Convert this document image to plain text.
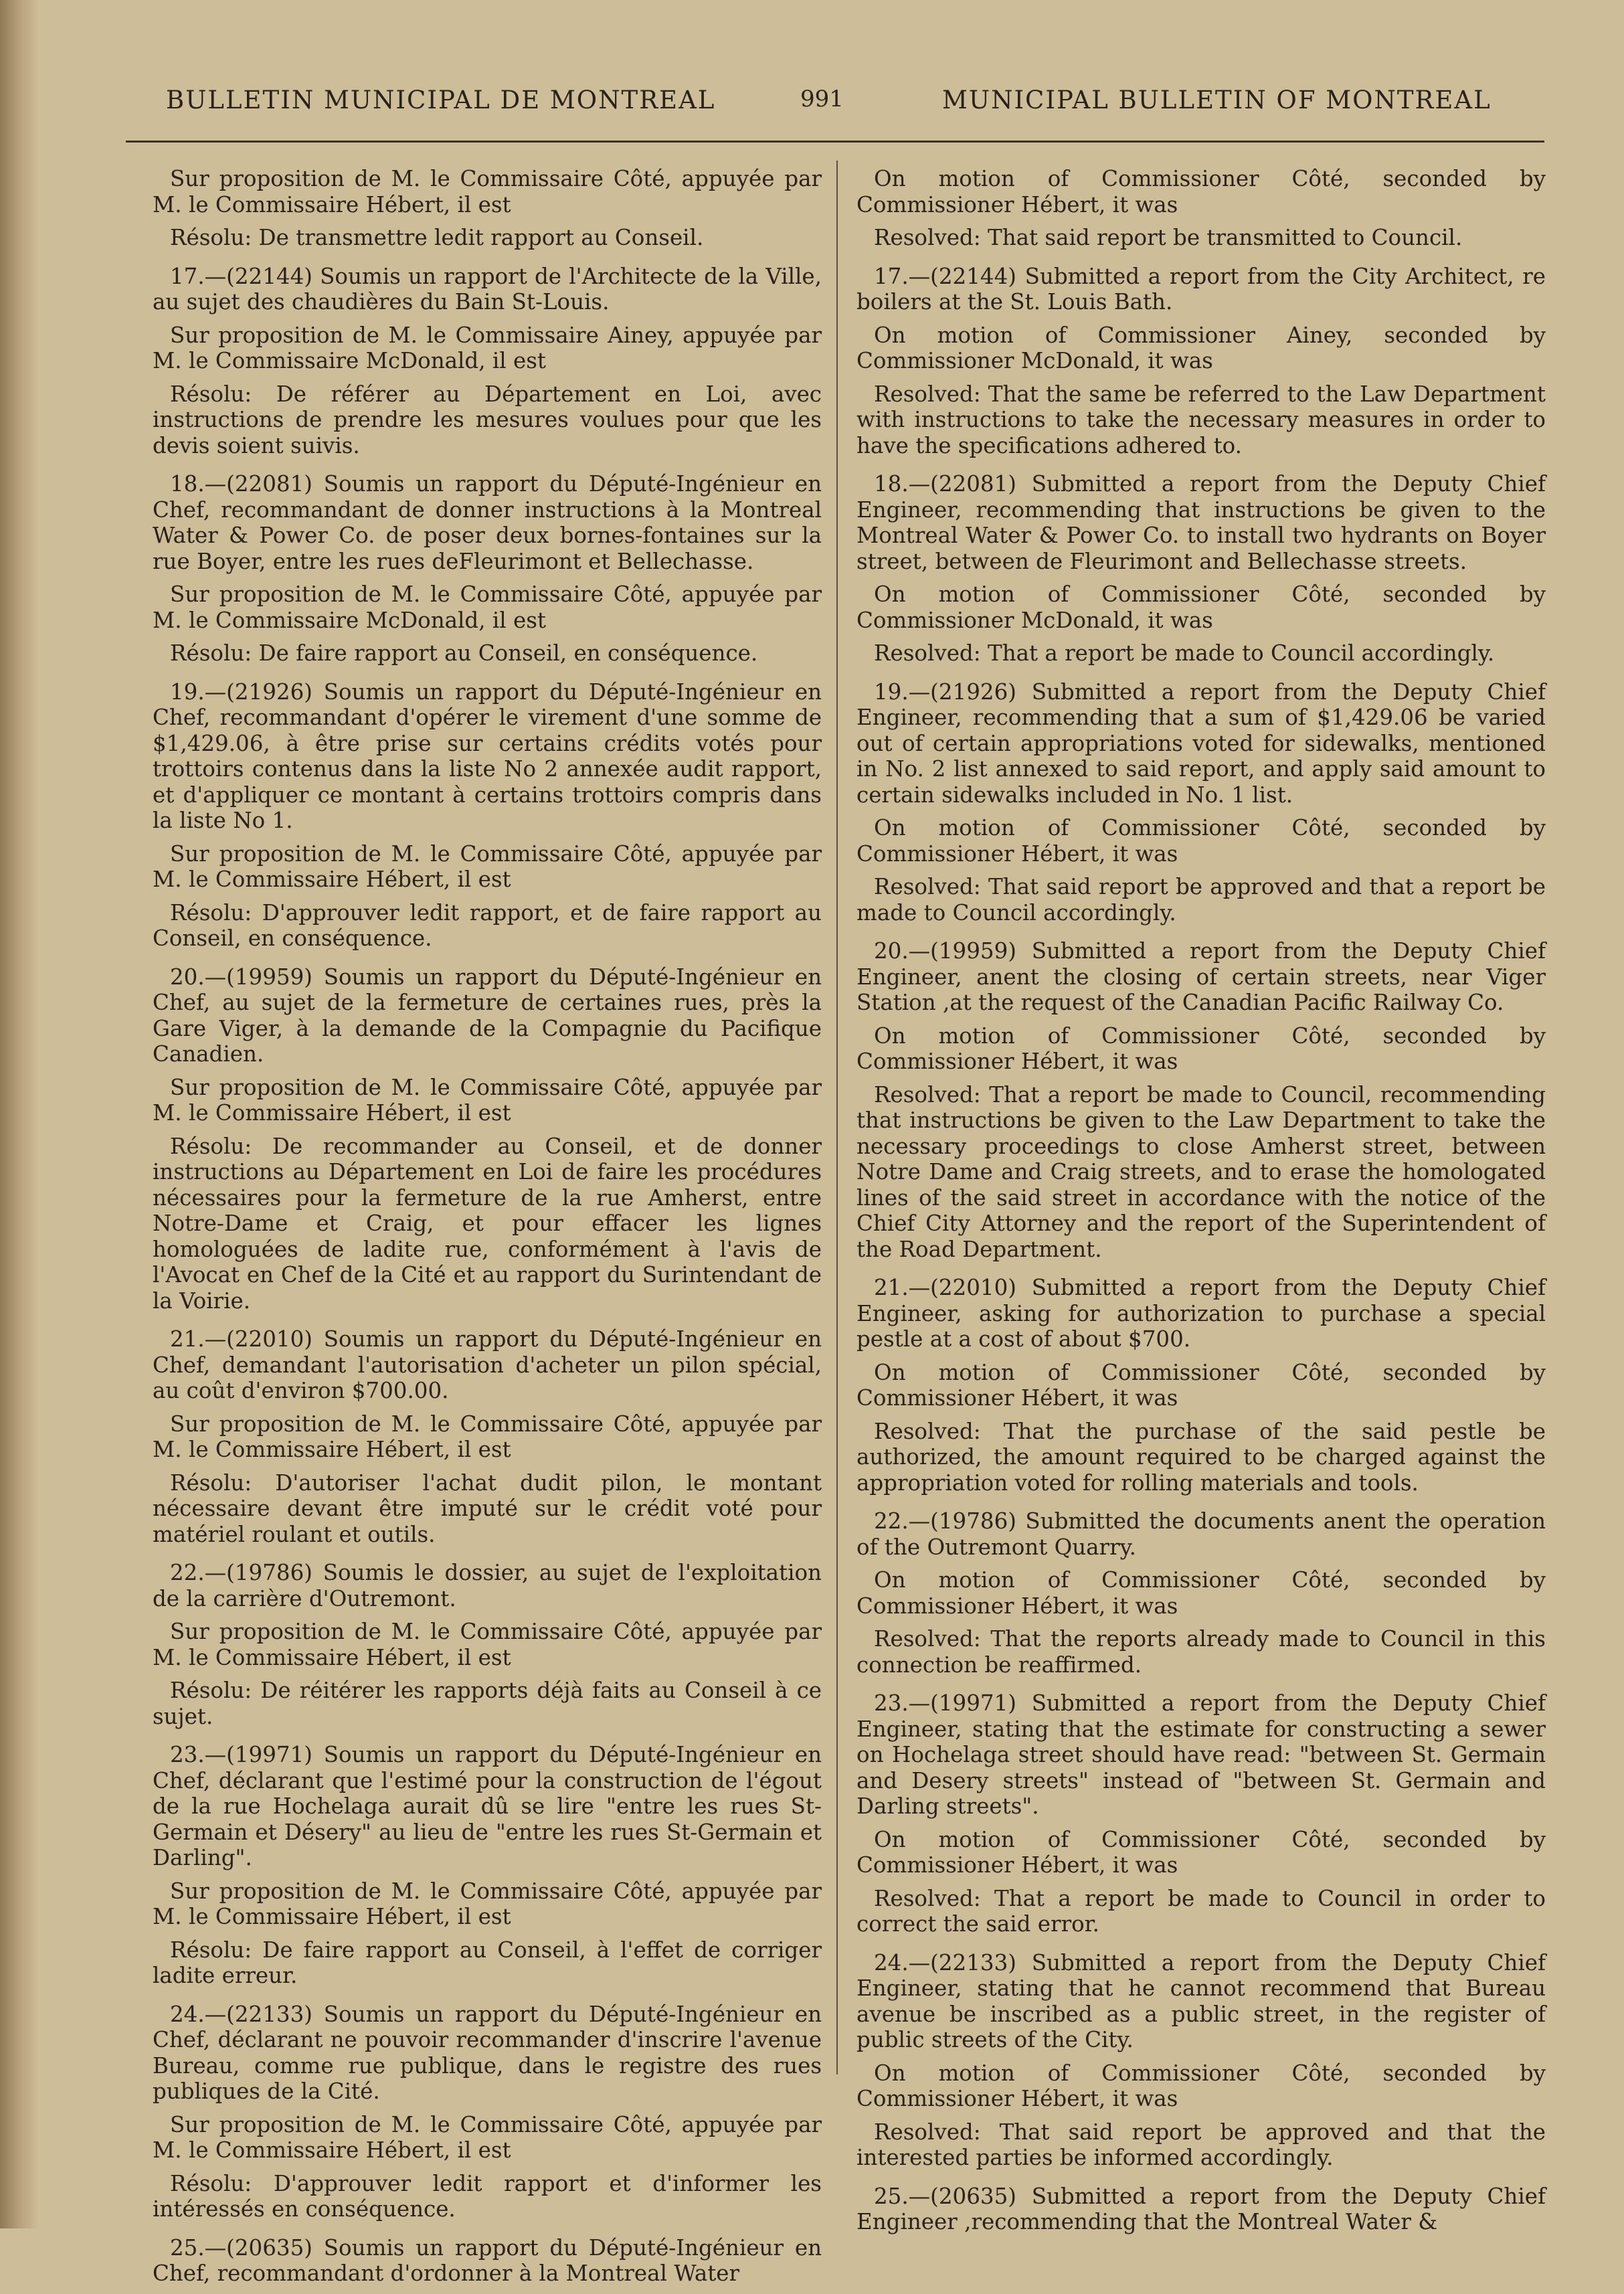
BULLETIN MUNICIPAL DE MONTREAL	991	MUNICIPAL BULLETIN OF MONTREAL

Sur proposition de M. le Commissaire Côté, appuyée par M. le Commissaire Hébert, il est

Résolu: De transmettre ledit rapport au Conseil.

17.—(22144) Soumis un rapport de l'Architecte de la Ville, au sujet des chaudières du Bain St-Louis.

Sur proposition de M. le Commissaire Ainey, appuyée par M. le Commissaire McDonald, il est

Résolu: De référer au Département en Loi, avec instructions de prendre les mesures voulues pour que les devis soient suivis.

18.—(22081) Soumis un rapport du Député-Ingénieur en Chef, recommandant de donner instructions à la Montreal Water & Power Co. de poser deux bornes-fontaines sur la rue Boyer, entre les rues deFleurimont et Bellechasse.

Sur proposition de M. le Commissaire Côté, appuyée par M. le Commissaire McDonald, il est

Résolu: De faire rapport au Conseil, en conséquence.

19.—(21926) Soumis un rapport du Député-Ingénieur en Chef, recommandant d'opérer le virement d'une somme de $1,429.06, à être prise sur certains crédits votés pour trottoirs contenus dans la liste No 2 annexée audit rapport, et d'appliquer ce montant à certains trottoirs compris dans la liste No 1.

Sur proposition de M. le Commissaire Côté, appuyée par M. le Commissaire Hébert, il est

Résolu: D'approuver ledit rapport, et de faire rapport au Conseil, en conséquence.

20.—(19959) Soumis un rapport du Député-Ingénieur en Chef, au sujet de la fermeture de certaines rues, près la Gare Viger, à la demande de la Compagnie du Pacifique Canadien.

Sur proposition de M. le Commissaire Côté, appuyée par M. le Commissaire Hébert, il est

Résolu: De recommander au Conseil, et de donner instructions au Département en Loi de faire les procédures nécessaires pour la fermeture de la rue Amherst, entre Notre-Dame et Craig, et pour effacer les lignes homologuées de ladite rue, conformément à l'avis de l'Avocat en Chef de la Cité et au rapport du Surintendant de la Voirie.

21.—(22010) Soumis un rapport du Député-Ingénieur en Chef, demandant l'autorisation d'acheter un pilon spécial, au coût d'environ $700.00.

Sur proposition de M. le Commissaire Côté, appuyée par M. le Commissaire Hébert, il est

Résolu: D'autoriser l'achat dudit pilon, le montant nécessaire devant être imputé sur le crédit voté pour matériel roulant et outils.

22.—(19786) Soumis le dossier, au sujet de l'exploitation de la carrière d'Outremont.

Sur proposition de M. le Commissaire Côté, appuyée par M. le Commissaire Hébert, il est

Résolu: De réitérer les rapports déjà faits au Conseil à ce sujet.

23.—(19971) Soumis un rapport du Député-Ingénieur en Chef, déclarant que l'estimé pour la construction de l'égout de la rue Hochelaga aurait dû se lire "entre les rues St-Germain et Désery" au lieu de "entre les rues St-Germain et Darling".

Sur proposition de M. le Commissaire Côté, appuyée par M. le Commissaire Hébert, il est

Résolu: De faire rapport au Conseil, à l'effet de corriger ladite erreur.

24.—(22133) Soumis un rapport du Député-Ingénieur en Chef, déclarant ne pouvoir recommander d'inscrire l'avenue Bureau, comme rue publique, dans le registre des rues publiques de la Cité.

Sur proposition de M. le Commissaire Côté, appuyée par M. le Commissaire Hébert, il est

Résolu: D'approuver ledit rapport et d'informer les intéressés en conséquence.

25.—(20635) Soumis un rapport du Député-Ingénieur en Chef, recommandant d'ordonner à la Montreal Water

On motion of Commissioner Côté, seconded by Commissioner Hébert, it was

Resolved: That said report be transmitted to Council.

17.—(22144) Submitted a report from the City Architect, re boilers at the St. Louis Bath.

On motion of Commissioner Ainey, seconded by Commissioner McDonald, it was

Resolved: That the same be referred to the Law Department with instructions to take the necessary measures in order to have the specifications adhered to.

18.—(22081) Submitted a report from the Deputy Chief Engineer, recommending that instructions be given to the Montreal Water & Power Co. to install two hydrants on Boyer street, between de Fleurimont and Bellechasse streets.

On motion of Commissioner Côté, seconded by Commissioner McDonald, it was

Resolved: That a report be made to Council accordingly.

19.—(21926) Submitted a report from the Deputy Chief Engineer, recommending that a sum of $1,429.06 be varied out of certain appropriations voted for sidewalks, mentioned in No. 2 list annexed to said report, and apply said amount to certain sidewalks included in No. 1 list.

On motion of Commissioner Côté, seconded by Commissioner Hébert, it was

Resolved: That said report be approved and that a report be made to Council accordingly.

20.—(19959) Submitted a report from the Deputy Chief Engineer, anent the closing of certain streets, near Viger Station ,at the request of the Canadian Pacific Railway Co.

On motion of Commissioner Côté, seconded by Commissioner Hébert, it was

Resolved: That a report be made to Council, recommending that instructions be given to the Law Department to take the necessary proceedings to close Amherst street, between Notre Dame and Craig streets, and to erase the homologated lines of the said street in accordance with the notice of the Chief City Attorney and the report of the Superintendent of the Road Department.

21.—(22010) Submitted a report from the Deputy Chief Engineer, asking for authorization to purchase a special pestle at a cost of about $700.

On motion of Commissioner Côté, seconded by Commissioner Hébert, it was

Resolved: That the purchase of the said pestle be authorized, the amount required to be charged against the appropriation voted for rolling materials and tools.

22.—(19786) Submitted the documents anent the operation of the Outremont Quarry.

On motion of Commissioner Côté, seconded by Commissioner Hébert, it was

Resolved: That the reports already made to Council in this connection be reaffirmed.

23.—(19971) Submitted a report from the Deputy Chief Engineer, stating that the estimate for constructing a sewer on Hochelaga street should have read: "between St. Germain and Desery streets" instead of "between St. Germain and Darling streets".

On motion of Commissioner Côté, seconded by Commissioner Hébert, it was

Resolved: That a report be made to Council in order to correct the said error.

24.—(22133) Submitted a report from the Deputy Chief Engineer, stating that he cannot recommend that Bureau avenue be inscribed as a public street, in the register of public streets of the City.

On motion of Commissioner Côté, seconded by Commissioner Hébert, it was

Resolved: That said report be approved and that the interested parties be informed accordingly.

25.—(20635) Submitted a report from the Deputy Chief Engineer ,recommending that the Montreal Water &
